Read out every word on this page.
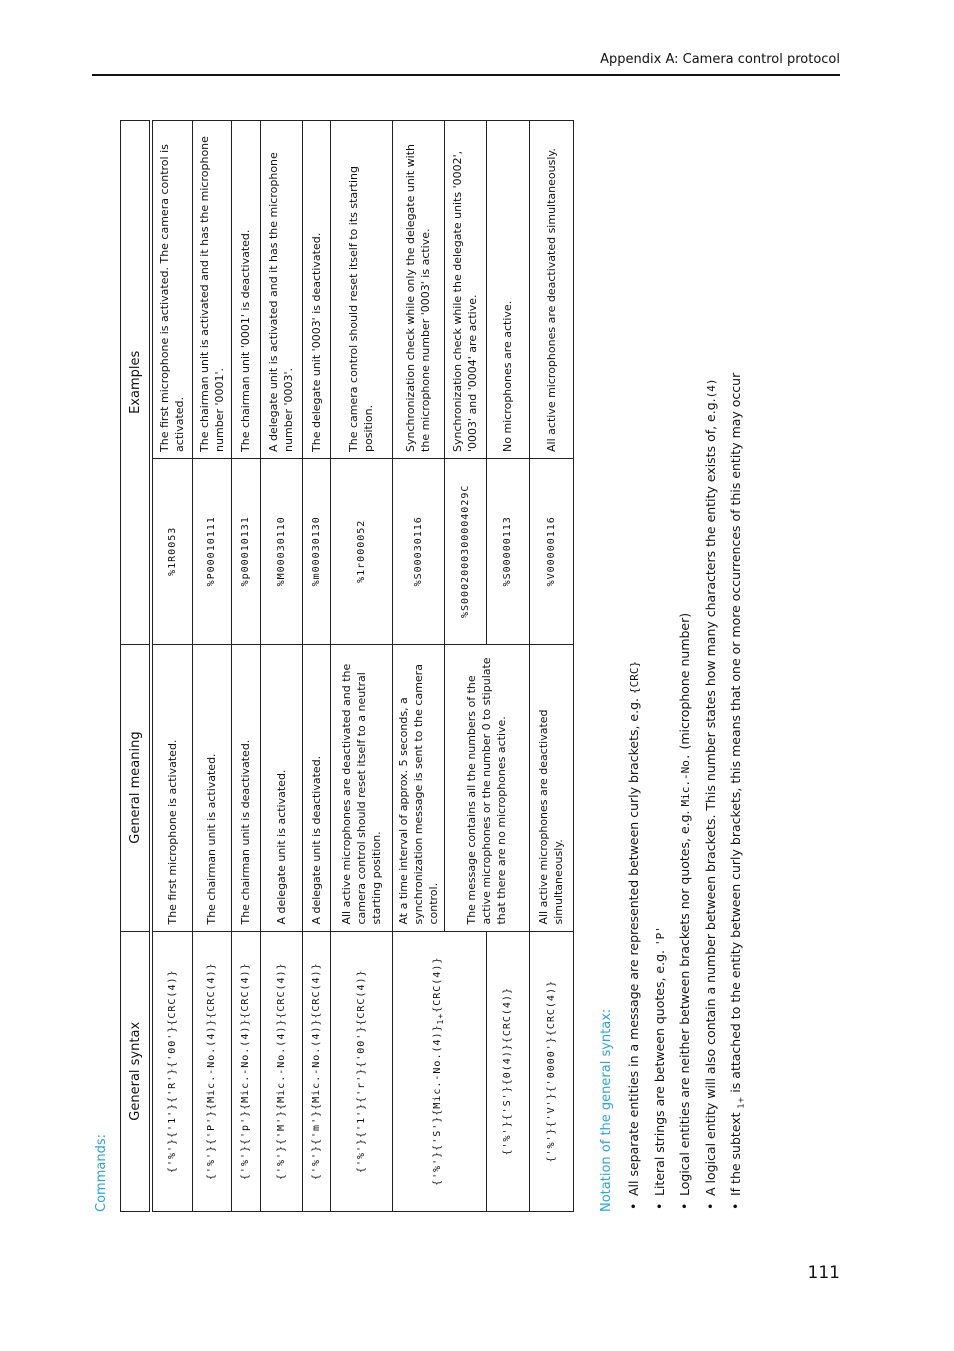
Appendix A: Camera control protocol
Commands:
General syntax	General meaning	Examples	
{'%'}{'1'}{'R'}{'00'}{CRC(4)}	The first microphone is activated.	%1R0053	The first microphone is activated. The camera control is activated.
{'%'}{'P'}{Mic.-No.(4)}{CRC(4)}	The chairman unit is activated.	%P00010111	The chairman unit is activated and it has the microphone number '0001'.
{'%'}{'p'}{Mic.-No.(4)}{CRC(4)}	The chairman unit is deactivated.	%p00010131	The chairman unit '0001' is deactivated.
{'%'}{'M'}{Mic.-No.(4)}{CRC(4)}	A delegate unit is activated.	%M00030110	A delegate unit is activated and it has the microphone number '0003'.
{'%'}{'m'}{Mic.-No.(4)}{CRC(4)}	A delegate unit is deactivated.	%m00030130	The delegate unit '0003' is deactivated.
{'%'}{'1'}{'r'}{'00'}{CRC(4)}	All active microphones are deactivated and the camera control should reset itself to a neutral starting position.	%1r000052	The camera control should reset itself to its starting position.
$\{'\%'\}\{'S'\}\{Mic.-No.(4)\}_{1+}\{CRC(4)\}$	At a time interval of approx. 5 seconds, a synchronization message is sent to the camera control.	%S00030116	Synchronization check while only the delegate unit with the microphone number '0003' is active.
	The message contains all the numbers of the active microphones or the number 0 to stipulate that there are no microphones active.	%S0002000300004029C	Synchronization check while the delegate units '0002', '0003' and '0004' are active.
{'%'}{'S'}{0(4)}{CRC(4)}		%S00000113	No microphones are active.
{'%'}{'V'}{'0000'}{CRC(4)}	All active microphones are deactivated simultaneously.	%V00000116	All active microphones are deactivated simultaneously.
Notation of the general syntax: • All separate entities in a message are represented between curly brackets, e.g. {CRC}
• Literal strings are between quotes, e.g. 'P' • Logical entities are neither between brackets nor quotes, e.g. Mic.-No. (microphone number) • A logical entity will also contain a number between brackets. This number states how many characters the entity exists of, e.g.(4)
• If the subtext $_{1+}$ is attached to the entity between curly brackets, this means that one or more occurrences of this entity may occur
111
